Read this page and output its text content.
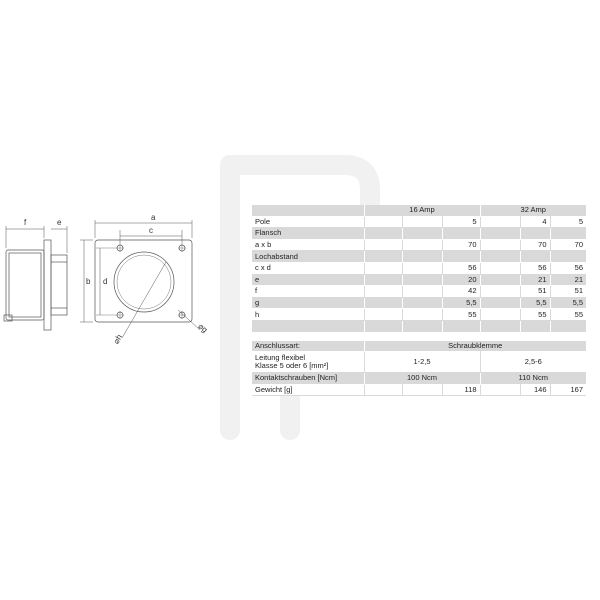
f	e
a
c
b d
⌀h
⌀g
	16 Amp			32 Amp		
Pole			5		4	5
Flansch						
a x b			70		70	70
Lochabstand						
c x d			56		56	56
e			20		21	21
f			42		51	51
g			5,5		5,5	5,5
h			55		55	55

Anschlussart:	Schraubklemme					

Leitung flexibel
Klasse 5 oder 6 [mm²]	1-2,5			2,5-6		
Kontaktschrauben [Ncm]	100 Ncm			110 Ncm		
Gewicht [g]			118		146	167
